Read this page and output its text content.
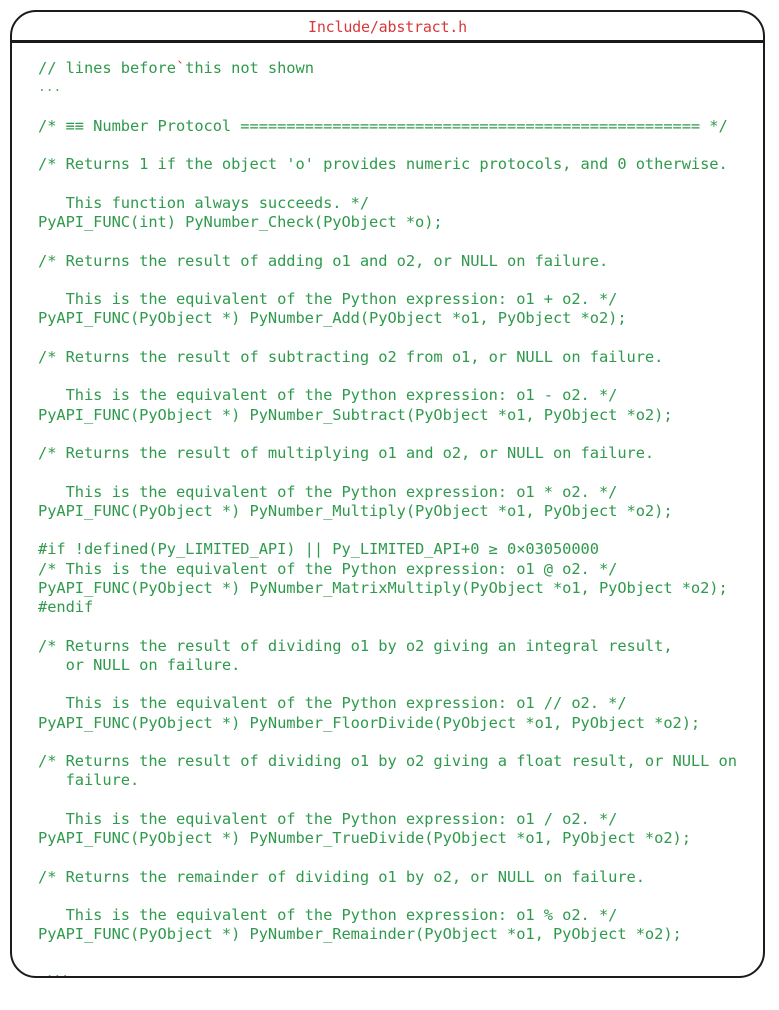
Include/abstract.h
// lines before`this not shown
...
/* ≡≡ Number Protocol ================================================== */
/* Returns 1 if the object 'o' provides numeric protocols, and 0 otherwise.
This function always succeeds. */
PyAPI_FUNC(int) PyNumber_Check(PyObject *o);
/* Returns the result of adding o1 and o2, or NULL on failure.
This is the equivalent of the Python expression: o1 + o2. */
PyAPI_FUNC(PyObject *) PyNumber_Add(PyObject *o1, PyObject *o2);
/* Returns the result of subtracting o2 from o1, or NULL on failure.
This is the equivalent of the Python expression: o1 - o2. */
PyAPI_FUNC(PyObject *) PyNumber_Subtract(PyObject *o1, PyObject *o2);
/* Returns the result of multiplying o1 and o2, or NULL on failure.
This is the equivalent of the Python expression: o1 * o2. */
PyAPI_FUNC(PyObject *) PyNumber_Multiply(PyObject *o1, PyObject *o2);
#if !defined(Py_LIMITED_API) || Py_LIMITED_API+0 ≥ 0×03050000
/* This is the equivalent of the Python expression: o1 @ o2. */
PyAPI_FUNC(PyObject *) PyNumber_MatrixMultiply(PyObject *o1, PyObject *o2);
#endif
/* Returns the result of dividing o1 by o2 giving an integral result,
or NULL on failure.
This is the equivalent of the Python expression: o1 // o2. */
PyAPI_FUNC(PyObject *) PyNumber_FloorDivide(PyObject *o1, PyObject *o2);
/* Returns the result of dividing o1 by o2 giving a float result, or NULL on
failure.
This is the equivalent of the Python expression: o1 / o2. */
PyAPI_FUNC(PyObject *) PyNumber_TrueDivide(PyObject *o1, PyObject *o2);
/* Returns the remainder of dividing o1 by o2, or NULL on failure.
This is the equivalent of the Python expression: o1 % o2. */
PyAPI_FUNC(PyObject *) PyNumber_Remainder(PyObject *o1, PyObject *o2);
...
